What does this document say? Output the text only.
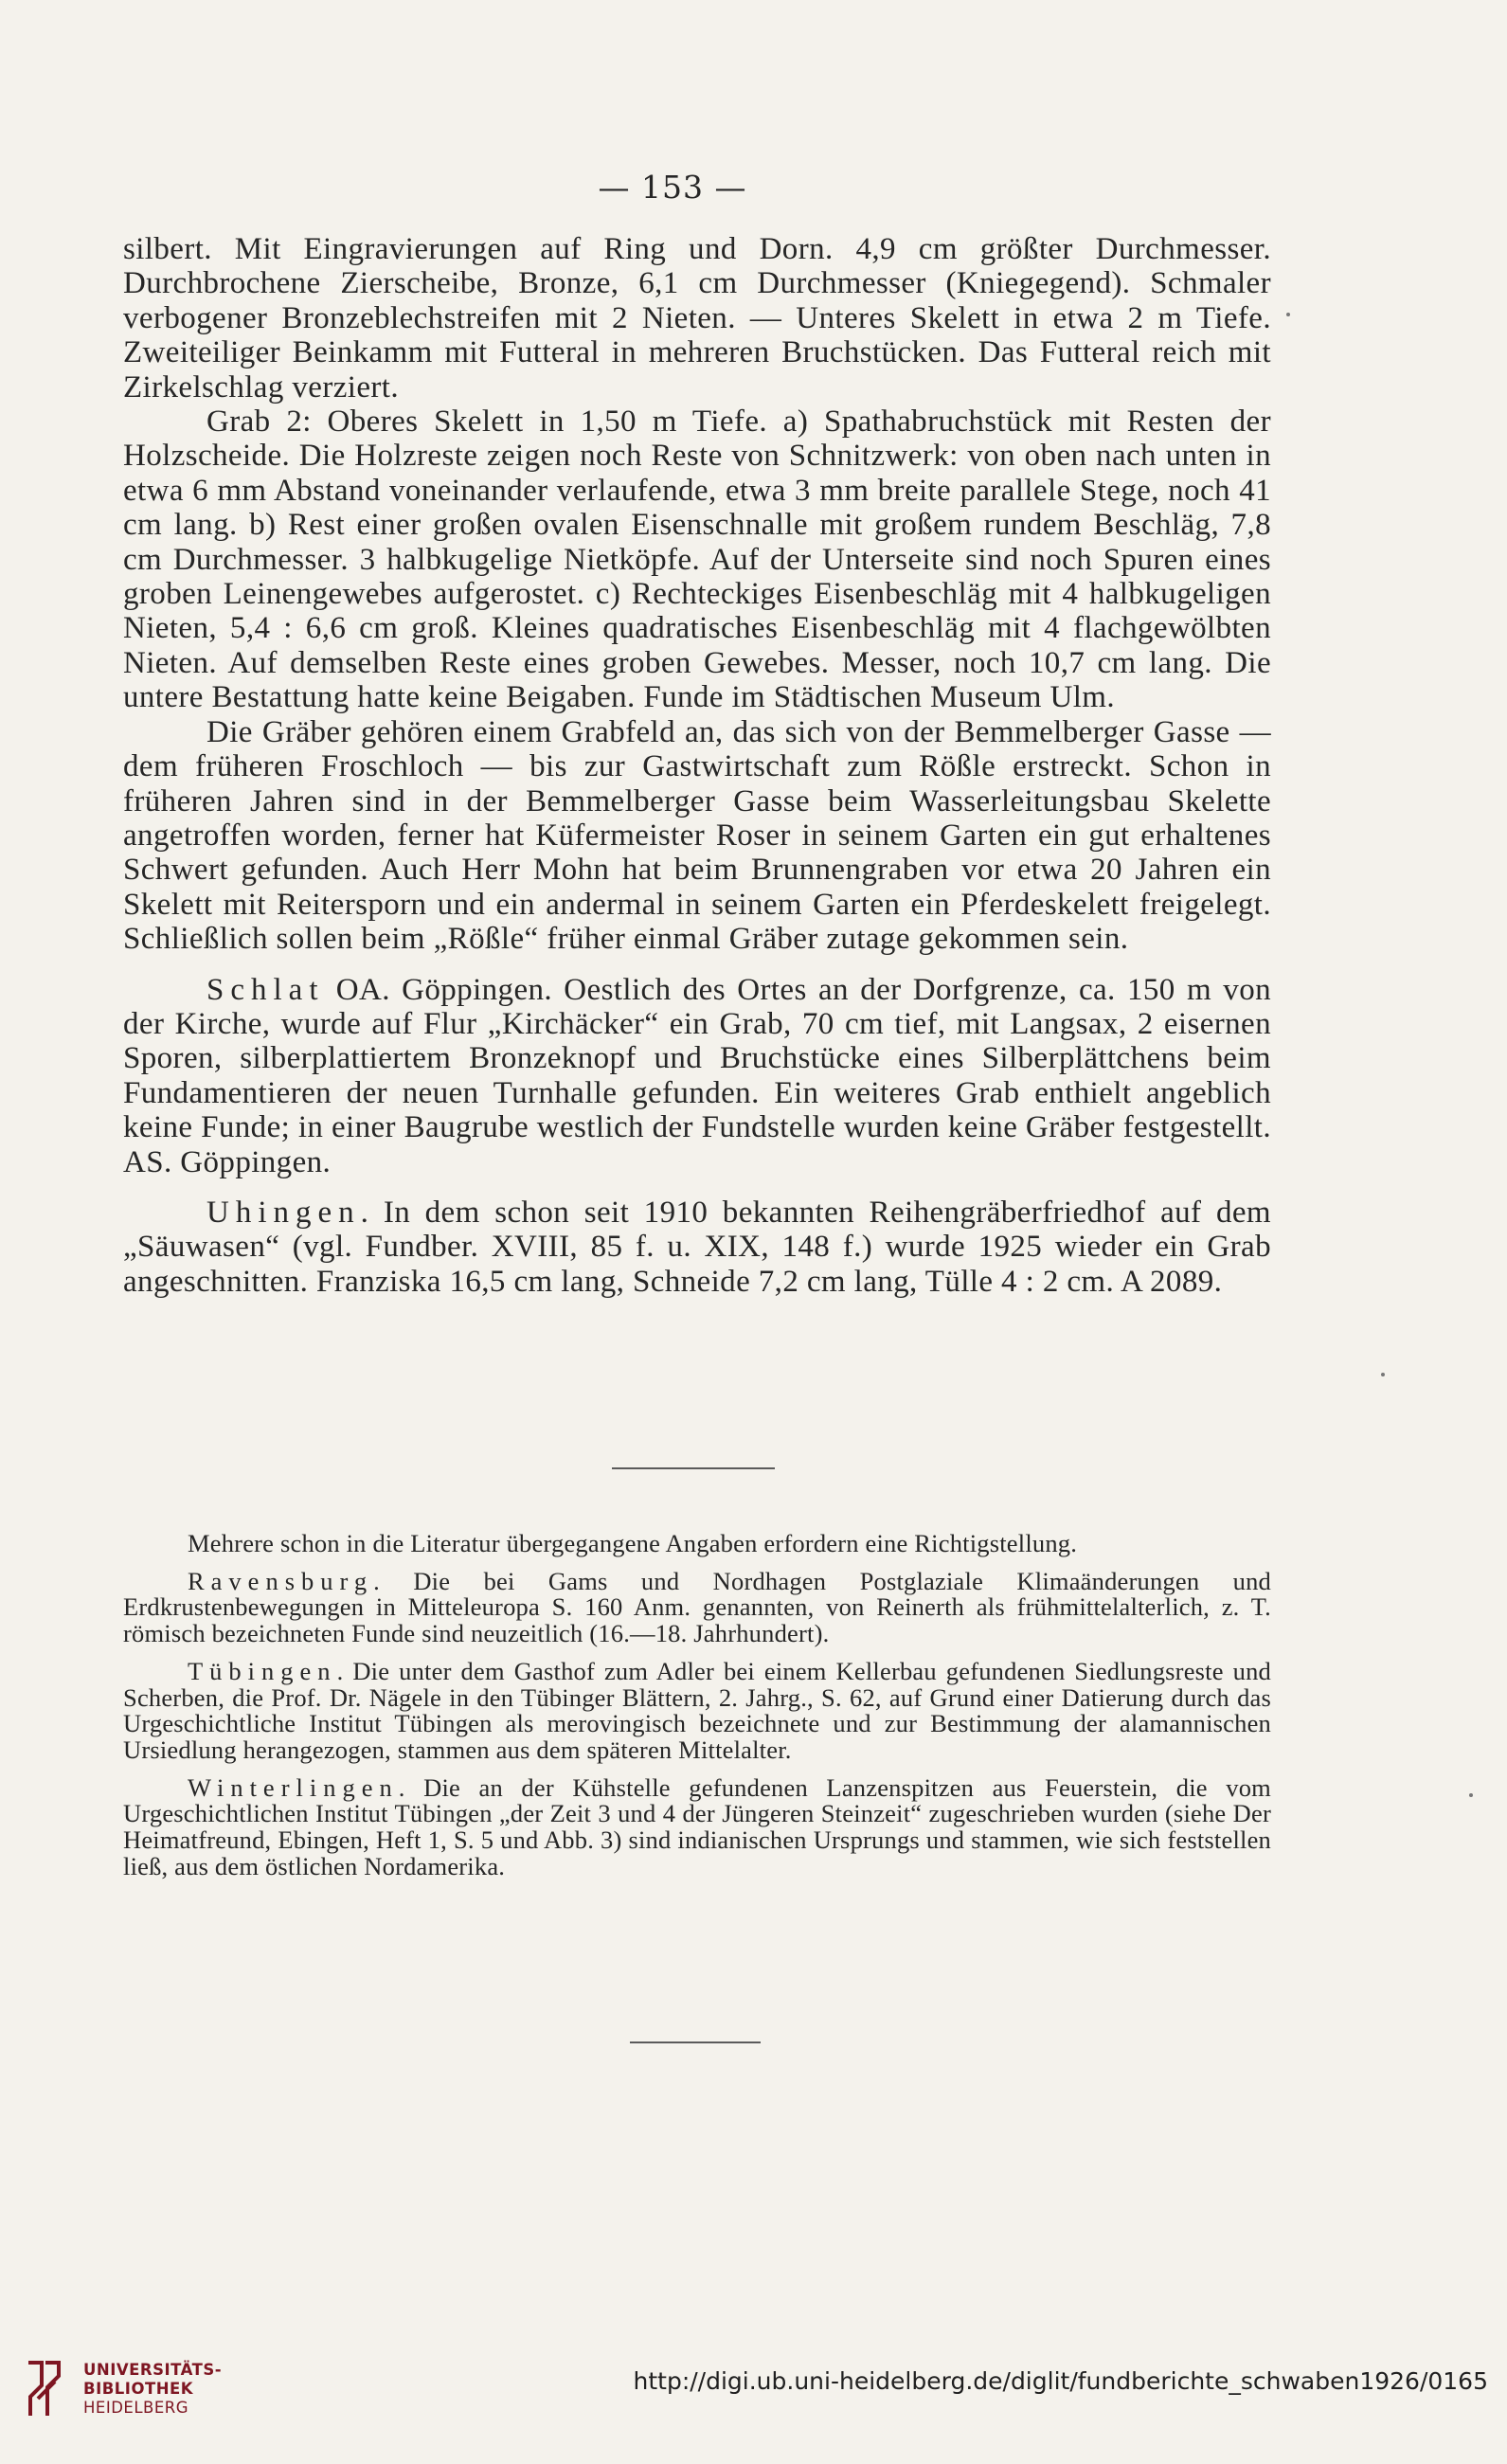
— 153 —

silbert. Mit Eingravierungen auf Ring und Dorn. 4,9 cm größter Durchmesser. Durchbrochene Zierscheibe, Bronze, 6,1 cm Durchmesser (Kniegegend). Schmaler verbogener Bronzeblechstreifen mit 2 Nieten. — Unteres Skelett in etwa 2 m Tiefe. Zweiteiliger Beinkamm mit Futteral in mehreren Bruchstücken. Das Futteral reich mit Zirkelschlag verziert.

Grab 2: Oberes Skelett in 1,50 m Tiefe. a) Spathabruchstück mit Resten der Holzscheide. Die Holzreste zeigen noch Reste von Schnitzwerk: von oben nach unten in etwa 6 mm Abstand voneinander verlaufende, etwa 3 mm breite parallele Stege, noch 41 cm lang. b) Rest einer großen ovalen Eisenschnalle mit großem rundem Beschläg, 7,8 cm Durchmesser. 3 halbkugelige Nietköpfe. Auf der Unterseite sind noch Spuren eines groben Leinengewebes aufgerostet. c) Rechteckiges Eisenbeschläg mit 4 halbkugeligen Nieten, 5,4 : 6,6 cm groß. Kleines quadratisches Eisenbeschläg mit 4 flachgewölbten Nieten. Auf demselben Reste eines groben Gewebes. Messer, noch 10,7 cm lang. Die untere Bestattung hatte keine Beigaben. Funde im Städtischen Museum Ulm.

Die Gräber gehören einem Grabfeld an, das sich von der Bemmelberger Gasse — dem früheren Froschloch — bis zur Gastwirtschaft zum Rößle erstreckt. Schon in früheren Jahren sind in der Bemmelberger Gasse beim Wasserleitungsbau Skelette angetroffen worden, ferner hat Küfermeister Roser in seinem Garten ein gut erhaltenes Schwert gefunden. Auch Herr Mohn hat beim Brunnengraben vor etwa 20 Jahren ein Skelett mit Reitersporn und ein andermal in seinem Garten ein Pferdeskelett freigelegt. Schließlich sollen beim „Rößle“ früher einmal Gräber zutage gekommen sein.

Schlat OA. Göppingen. Oestlich des Ortes an der Dorfgrenze, ca. 150 m von der Kirche, wurde auf Flur „Kirchäcker“ ein Grab, 70 cm tief, mit Langsax, 2 eisernen Sporen, silberplattiertem Bronzeknopf und Bruchstücke eines Silberplättchens beim Fundamentieren der neuen Turnhalle gefunden. Ein weiteres Grab enthielt angeblich keine Funde; in einer Baugrube westlich der Fundstelle wurden keine Gräber festgestellt. AS. Göppingen.

Uhingen. In dem schon seit 1910 bekannten Reihengräberfriedhof auf dem „Säuwasen“ (vgl. Fundber. XVIII, 85 f. u. XIX, 148 f.) wurde 1925 wieder ein Grab angeschnitten. Franziska 16,5 cm lang, Schneide 7,2 cm lang, Tülle 4 : 2 cm. A 2089.

Mehrere schon in die Literatur übergegangene Angaben erfordern eine Richtigstellung.

Ravensburg. Die bei Gams und Nordhagen Postglaziale Klimaänderungen und Erdkrustenbewegungen in Mitteleuropa S. 160 Anm. genannten, von Reinerth als frühmittelalterlich, z. T. römisch bezeichneten Funde sind neuzeitlich (16.—18. Jahrhundert).

Tübingen. Die unter dem Gasthof zum Adler bei einem Kellerbau gefundenen Siedlungsreste und Scherben, die Prof. Dr. Nägele in den Tübinger Blättern, 2. Jahrg., S. 62, auf Grund einer Datierung durch das Urgeschichtliche Institut Tübingen als merovingisch bezeichnete und zur Bestimmung der alamannischen Ursiedlung herangezogen, stammen aus dem späteren Mittelalter.

Winterlingen. Die an der Kühstelle gefundenen Lanzenspitzen aus Feuerstein, die vom Urgeschichtlichen Institut Tübingen „der Zeit 3 und 4 der Jüngeren Steinzeit“ zugeschrieben wurden (siehe Der Heimatfreund, Ebingen, Heft 1, S. 5 und Abb. 3) sind indianischen Ursprungs und stammen, wie sich feststellen ließ, aus dem östlichen Nordamerika.

UNIVERSITÄTS-
BIBLIOTHEK
HEIDELBERG
http://digi.ub.uni-heidelberg.de/diglit/fundberichte_schwaben1926/0165
